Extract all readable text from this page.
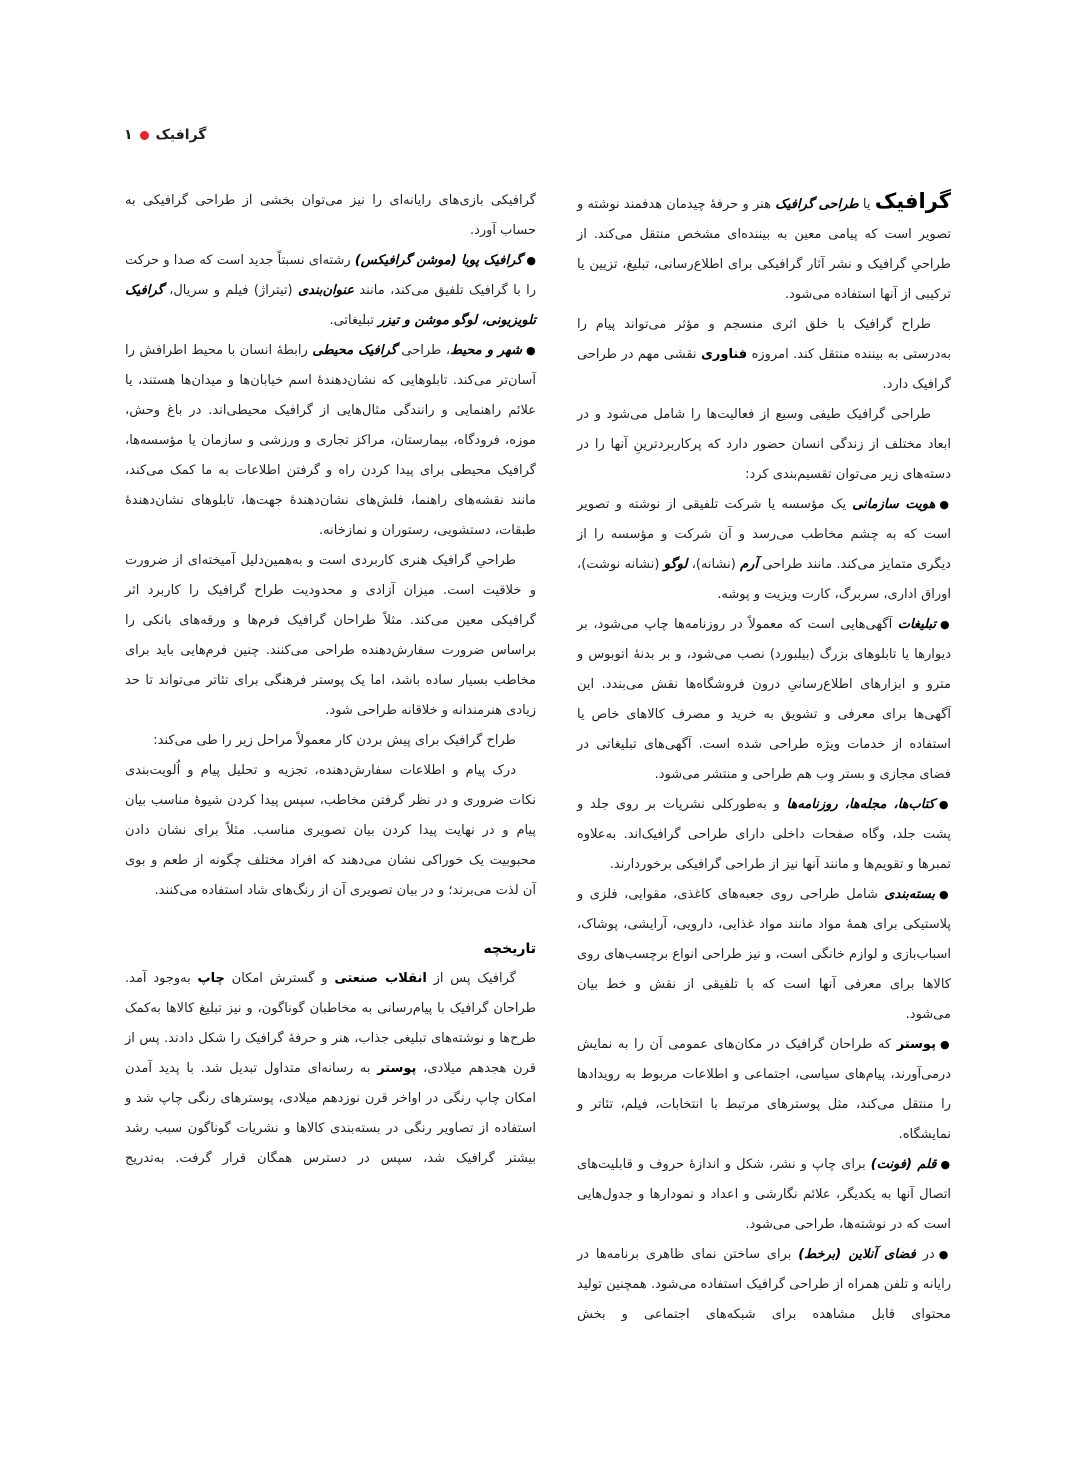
گرافیک
۱

گرافیک یا طراحی گرافیک هنر و حرفهٔ چیدمان هدفمند نوشته و تصویر است که پیامی معین به بیننده‌ای مشخص منتقل می‌کند. از طراحیِ گرافیک و نشر آثار گرافیکی برای اطلاع‌رسانی، تبلیغ، تزیین یا ترکیبی از آنها استفاده می‌شود.

طراح گرافیک با خلق اثری منسجم و مؤثر می‌تواند پیام را به‌درستی به بیننده منتقل کند. امروزه فناوری نقشی مهم در طراحی گرافیک دارد.

طراحی گرافیک طیفی وسیع از فعالیت‌ها را شامل می‌شود و در ابعاد مختلف از زندگی انسان حضور دارد که پرکاربردترینِ آنها را در دسته‌های زیر می‌توان تقسیم‌بندی کرد:

●هویت سازمانی یک مؤسسه یا شرکت تلفیقی از نوشته و تصویر است که به چشم مخاطب می‌رسد و آن شرکت و مؤسسه را از دیگری متمایز می‌کند. مانند طراحی آرم (نشانه)، لوگو (نشانه نوشت)، اوراق اداری، سربرگ، کارت ویزیت و پوشه.

●تبلیغات آگهی‌هایی است که معمولاً در روزنامه‌ها چاپ می‌شود، بر دیوارها یا تابلوهای بزرگ (بیلبورد) نصب می‌شود، و بر بدنهٔ اتوبوس و مترو و ابزارهای اطلاع‌رسانیِ درون فروشگاه‌ها نقش می‌بندد. این آگهی‌ها برای معرفی و تشویق به خرید و مصرف کالاهای خاص یا استفاده از خدمات ویژه طراحی شده است. آگهی‌های تبلیغاتی در فضای مجازی و بستر وِب هم طراحی و منتشر می‌شود.

●کتاب‌ها، مجله‌ها، روزنامه‌ها و به‌طورکلی نشریات بر روی جلد و پشت جلد، وگاه صفحات داخلی دارای طراحی گرافیک‌اند. به‌علاوه تمبرها و تقویم‌ها و مانند آنها نیز از طراحی گرافیکی برخوردارند.

●بسته‌بندی شامل طراحی روی جعبه‌های کاغذی، مقوایی، فلزی و پلاستیکی برای همهٔ مواد مانند مواد غذایی، دارویی، آرایشی، پوشاک، اسباب‌بازی و لوازم خانگی است، و نیز طراحی انواع برچسب‌های روی کالاها برای معرفی آنها است که با تلفیقی از نقش و خط بیان می‌شود.

●پوستر که طراحان گرافیک در مکان‌های عمومی آن را به نمایش درمی‌آورند، پیام‌های سیاسی، اجتماعی و اطلاعات مربوط به رویدادها را منتقل می‌کند، مثل پوسترهای مرتبط با انتخابات، فیلم، تئاتر و نمایشگاه.

●قلم (فونت) برای چاپ و نشر، شکل و اندازهٔ حروف و قابلیت‌های اتصال آنها به یکدیگر، علائم نگارشی و اعداد و نمودارها و جدول‌هایی است که در نوشته‌ها، طراحی می‌شود.

●در فضای آنلاین (برخط) برای ساختن نمای ظاهری برنامه‌ها در رایانه و تلفن همراه از طراحی گرافیک استفاده می‌شود. همچنین تولید محتوای قابل مشاهده برای شبکه‌های اجتماعی و بخش

گرافیکی بازی‌های رایانه‌ای را نیز می‌توان بخشی از طراحی گرافیکی به حساب آورد.

●گرافیک پویا (موشن گرافیکس) رشته‌ای نسبتاً جدید است که صدا و حرکت را با گرافیک تلفیق می‌کند، مانند عنوان‌بندی (تیتراژ) فیلم و سریال، گرافیک تلویزیونی، لوگو موشن و تیزر تبلیغاتی.

●شهر و محیط، طراحی گرافیک محیطی رابطهٔ انسان با محیط اطرافش را آسان‌تر می‌کند. تابلوهایی که نشان‌دهندهٔ اسم خیابان‌ها و میدان‌ها هستند، یا علائم راهنمایی و رانندگی مثال‌هایی از گرافیک محیطی‌اند. در باغ وحش، موزه، فرودگاه، بیمارستان، مراکز تجاری و ورزشی و سازمان یا مؤسسه‌ها، گرافیک محیطی برای پیدا کردن راه و گرفتن اطلاعات به ما کمک می‌کند، مانند نقشه‌های راهنما، فلش‌های نشان‌دهندهٔ جهت‌ها، تابلوهای نشان‌دهندهٔ طبقات، دستشویی، رستوران و نمازخانه.

طراحیِ گرافیک هنری کاربردی است و به‌همین‌دلیل آمیخته‌ای از ضرورت و خلاقیت است. میزان آزادی و محدودیت طراح گرافیک را کاربرد اثر گرافیکی معین می‌کند. مثلاً طراحان گرافیک فرم‌ها و ورقه‌های بانکی را براساس ضرورت سفارش‌دهنده طراحی می‌کنند. چنین فرم‌هایی باید برای مخاطب بسیار ساده باشد، اما یک پوستر فرهنگی برای تئاتر می‌تواند تا حد زیادی هنرمندانه و خلاقانه طراحی شود.

طراح گرافیک برای پیش بردن کار معمولاً مراحل زیر را طی می‌کند:

درک پیام و اطلاعات سفارش‌دهنده، تجزیه و تحلیل پیام و اُلویت‌بندی نکات ضروری و در نظر گرفتن مخاطب، سپس پیدا کردن شیوهٔ مناسب بیان پیام و در نهایت پیدا کردن بیان تصویری مناسب. مثلاً برای نشان دادن محبوبیت یک خوراکی نشان می‌دهند که افراد مختلف چگونه از طعم و بوی آن لذت می‌برند؛ و در بیان تصویری آن از رنگ‌های شاد استفاده می‌کنند.

تاریخچه

گرافیک پس از انقلاب صنعتی و گسترش امکان چاپ به‌وجود آمد. طراحان گرافیک با پیام‌رسانی به مخاطبان گوناگون، و نیز تبلیغ کالاها به‌کمک طرح‌ها و نوشته‌های تبلیغی جذاب، هنر و حرفهٔ گرافیک را شکل دادند. پس از قرن هجدهم میلادی، پوستر به رسانه‌ای متداول تبدیل شد. با پدید آمدن امکان چاپ رنگی در اواخر قرن نوزدهم میلادی، پوسترهای رنگی چاپ شد و استفاده از تصاویر رنگی در بسته‌بندی کالاها و نشریات گوناگون سبب رشد بیشتر گرافیک شد، سپس در دسترس همگان قرار گرفت. به‌تدریج
